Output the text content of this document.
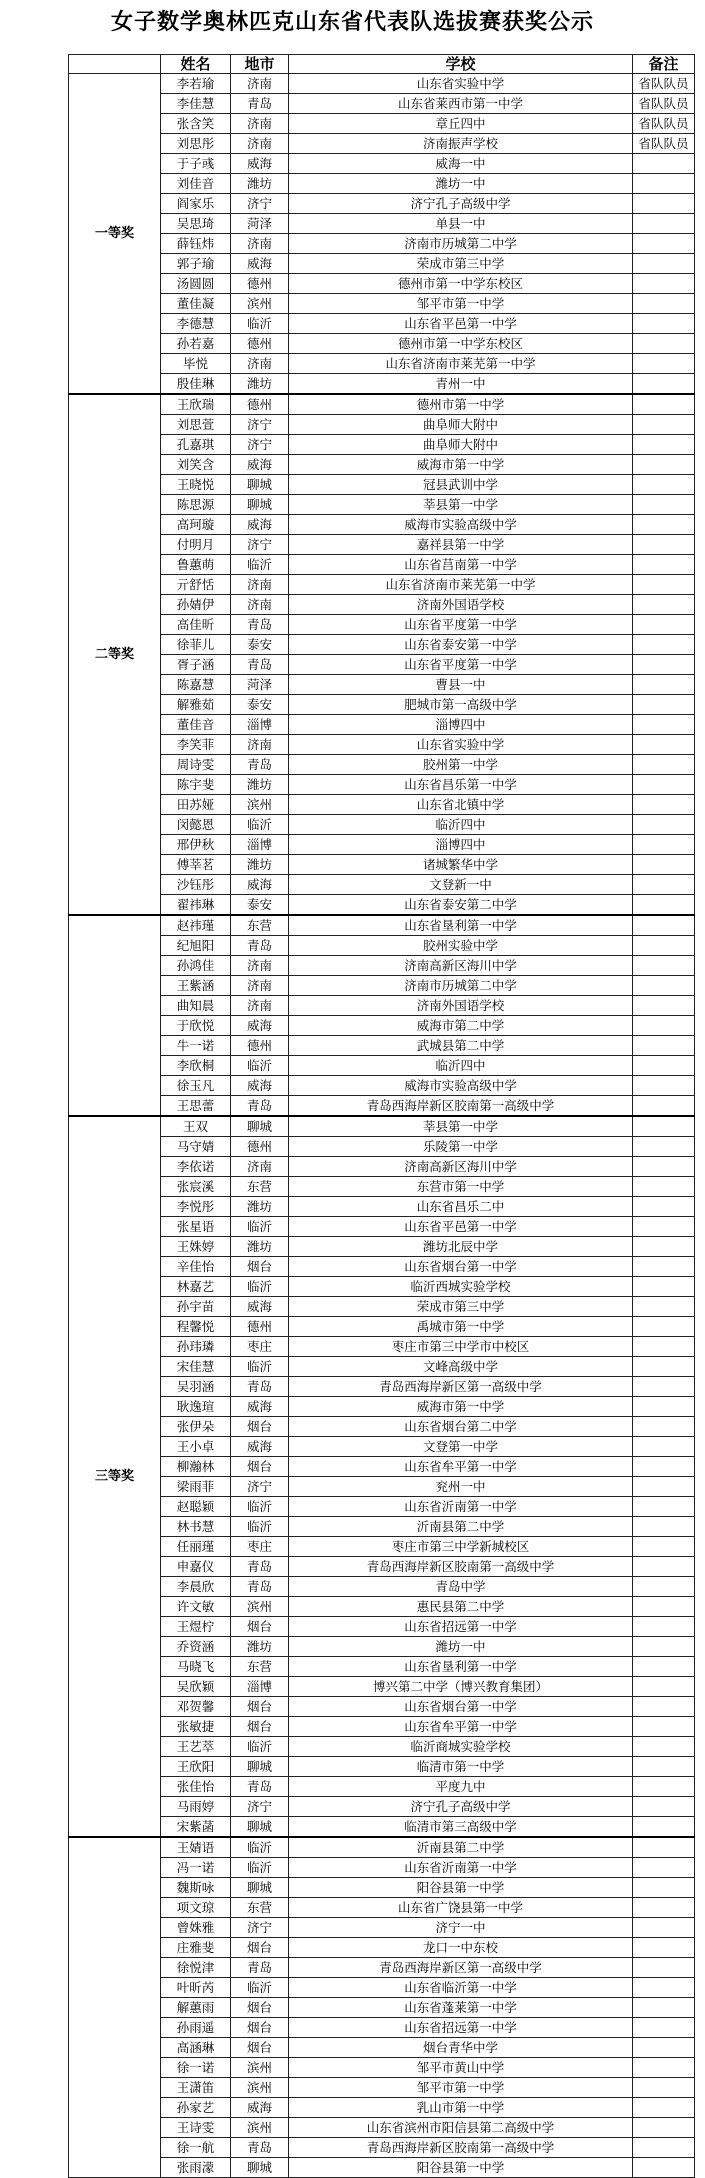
女子数学奥林匹克山东省代表队选拔赛获奖公示
	姓名	地市	学校	备注
一等奖	李若瑜	济南	山东省实验中学	省队队员
	李佳慧	青岛	山东省莱西市第一中学	省队队员
	张含笑	济南	章丘四中	省队队员
	刘思彤	济南	济南振声学校	省队队员
	于子彧	威海	威海一中	
	刘佳音	潍坊	潍坊一中	
	阎家乐	济宁	济宁孔子高级中学	
	吴思琦	菏泽	单县一中	
	薛钰炜	济南	济南市历城第二中学	
	郭子瑜	威海	荣成市第三中学	
	汤圆圆	德州	德州市第一中学东校区	
	董佳凝	滨州	邹平市第一中学	
	李德慧	临沂	山东省平邑第一中学	
	孙若嘉	德州	德州市第一中学东校区	
	毕悦	济南	山东省济南市莱芜第一中学	
	殷佳琳	潍坊	青州一中	
二等奖	王欣瑞	德州	德州市第一中学	
	刘思萱	济宁	曲阜师大附中	
	孔嘉琪	济宁	曲阜师大附中	
	刘笑含	威海	威海市第一中学	
	王晓悦	聊城	冠县武训中学	
	陈思源	聊城	莘县第一中学	
	高珂璇	威海	威海市实验高级中学	
	付明月	济宁	嘉祥县第一中学	
	鲁蕙萌	临沂	山东省莒南第一中学	
	亓舒恬	济南	山东省济南市莱芜第一中学	
	孙婧伊	济南	济南外国语学校	
	高佳昕	青岛	山东省平度第一中学	
	徐菲儿	泰安	山东省泰安第一中学	
	胥子涵	青岛	山东省平度第一中学	
	陈嘉慧	菏泽	曹县一中	
	解雅茹	泰安	肥城市第一高级中学	
	董佳音	淄博	淄博四中	
	李笑菲	济南	山东省实验中学	
	周诗雯	青岛	胶州第一中学	
	陈宇斐	潍坊	山东省昌乐第一中学	
	田苏娅	滨州	山东省北镇中学	
	闵懿恩	临沂	临沂四中	
	邢伊秋	淄博	淄博四中	
	傅莘茗	潍坊	诸城繁华中学	
	沙钰彤	威海	文登新一中	
	翟祎琳	泰安	山东省泰安第二中学	
	赵祎瑾	东营	山东省垦利第一中学	
	纪旭阳	青岛	胶州实验中学	
	孙鸿佳	济南	济南高新区海川中学	
	王紫涵	济南	济南市历城第二中学	
	曲知晨	济南	济南外国语学校	
	于欣悦	威海	威海市第二中学	
	牛一诺	德州	武城县第二中学	
	李欣桐	临沂	临沂四中	
	徐玉凡	威海	威海市实验高级中学	
	王思蕾	青岛	青岛西海岸新区胶南第一高级中学	
三等奖	王双	聊城	莘县第一中学	
	马守婧	德州	乐陵第一中学	
	李依诺	济南	济南高新区海川中学	
	张宸溪	东营	东营市第一中学	
	李悦彤	潍坊	山东省昌乐二中	
	张星语	临沂	山东省平邑第一中学	
	王姝婷	潍坊	潍坊北辰中学	
	辛佳怡	烟台	山东省烟台第一中学	
	林嘉艺	临沂	临沂西城实验学校	
	孙宇苗	威海	荣成市第三中学	
	程馨悦	德州	禹城市第一中学	
	孙玮璘	枣庄	枣庄市第三中学市中校区	
	宋佳慧	临沂	文峰高级中学	
	吴羽涵	青岛	青岛西海岸新区第一高级中学	
	耿逸瑄	威海	威海市第一中学	
	张伊朵	烟台	山东省烟台第二中学	
	王小卓	威海	文登第一中学	
	柳瀚林	烟台	山东省牟平第一中学	
	梁雨菲	济宁	兖州一中	
	赵聪颖	临沂	山东省沂南第一中学	
	林书慧	临沂	沂南县第二中学	
	任丽瑾	枣庄	枣庄市第三中学新城校区	
	申嘉仪	青岛	青岛西海岸新区胶南第一高级中学	
	李晨欣	青岛	青岛中学	
	许文敏	滨州	惠民县第二中学	
	王煜柠	烟台	山东省招远第一中学	
	乔资涵	潍坊	潍坊一中	
	马晓飞	东营	山东省垦利第一中学	
	吴欣颖	淄博	博兴第二中学（博兴教育集团）	
	邓贺馨	烟台	山东省烟台第一中学	
	张敏捷	烟台	山东省牟平第一中学	
	王艺萃	临沂	临沂商城实验学校	
	王欣阳	聊城	临清市第一中学	
	张佳怡	青岛	平度九中	
	马雨婷	济宁	济宁孔子高级中学	
	宋紫菡	聊城	临清市第三高级中学	
	王婧语	临沂	沂南县第二中学	
	冯一诺	临沂	山东省沂南第一中学	
	魏斯咏	聊城	阳谷县第一中学	
	项文琼	东营	山东省广饶县第一中学	
	曾姝雅	济宁	济宁一中	
	庄雅斐	烟台	龙口一中东校	
	徐悦津	青岛	青岛西海岸新区第一高级中学	
	叶昕芮	临沂	山东省临沂第一中学	
	解蕙雨	烟台	山东省蓬莱第一中学	
	孙雨遥	烟台	山东省招远第一中学	
	高涵琳	烟台	烟台青华中学	
	徐一诺	滨州	邹平市黄山中学	
	王潇笛	滨州	邹平市第一中学	
	孙家艺	威海	乳山市第一中学	
	王诗雯	滨州	山东省滨州市阳信县第二高级中学	
	徐一航	青岛	青岛西海岸新区胶南第一高级中学	
	张雨濛	聊城	阳谷县第一中学	
